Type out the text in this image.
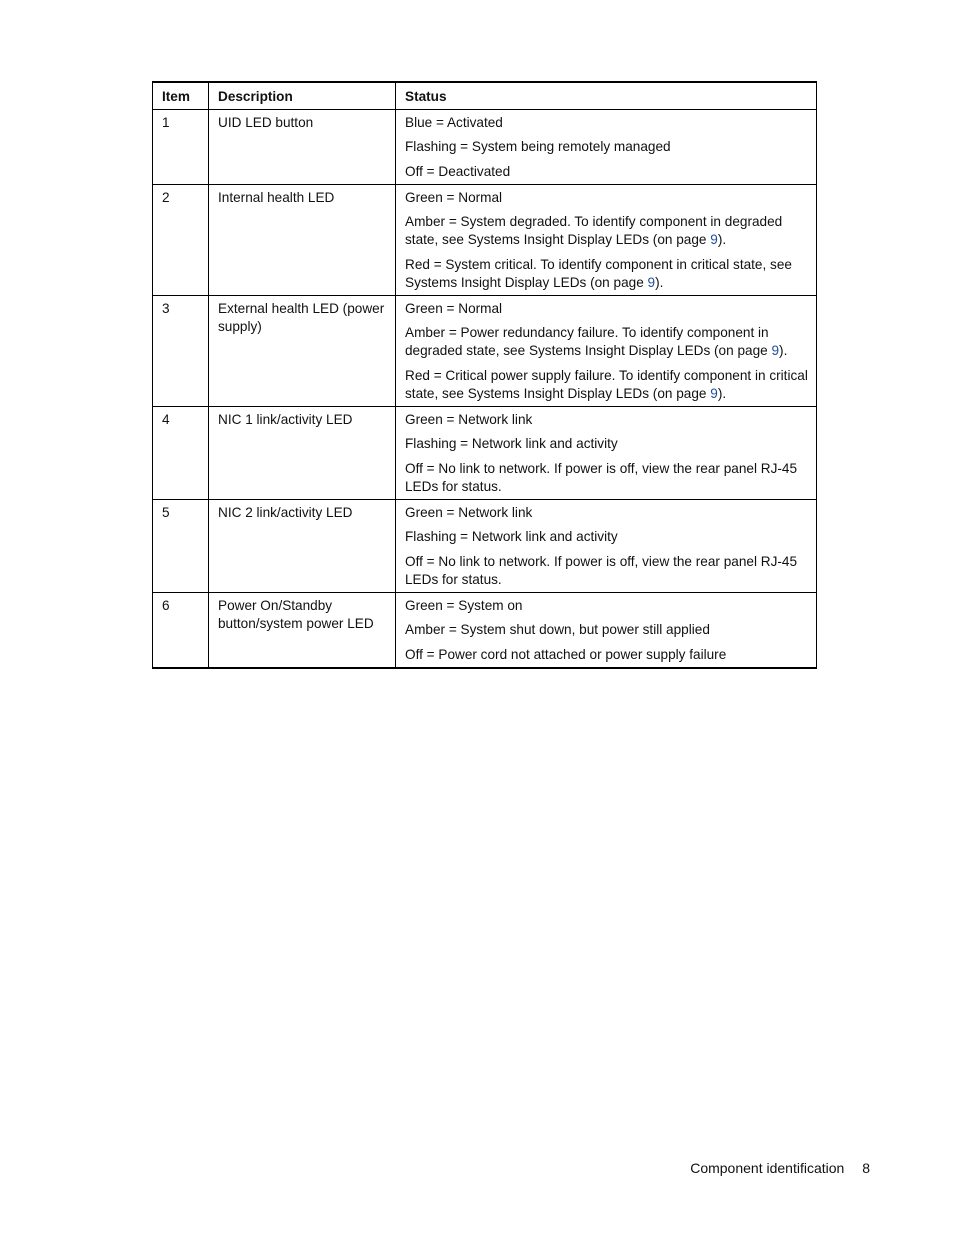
Item	Description	Status
1	UID LED button	Blue = Activated
Flashing = System being remotely managed
Off = Deactivated

2	Internal health LED	Green = Normal
Amber = System degraded. To identify component in degraded state, see Systems Insight Display LEDs (on page 9).
Red = System critical. To identify component in critical state, see Systems Insight Display LEDs (on page 9).

3	External health LED (power supply)	Green = Normal
Amber = Power redundancy failure. To identify component in degraded state, see Systems Insight Display LEDs (on page 9).
Red = Critical power supply failure. To identify component in critical state, see Systems Insight Display LEDs (on page 9).

4	NIC 1 link/activity LED	Green = Network link
Flashing = Network link and activity
Off = No link to network. If power is off, view the rear panel RJ-45 LEDs for status.

5	NIC 2 link/activity LED	Green = Network link
Flashing = Network link and activity
Off = No link to network. If power is off, view the rear panel RJ-45 LEDs for status.

6	Power On/Standby button/system power LED	Green = System on
Amber = System shut down, but power still applied
Off = Power cord not attached or power supply failure
Component identification 8
